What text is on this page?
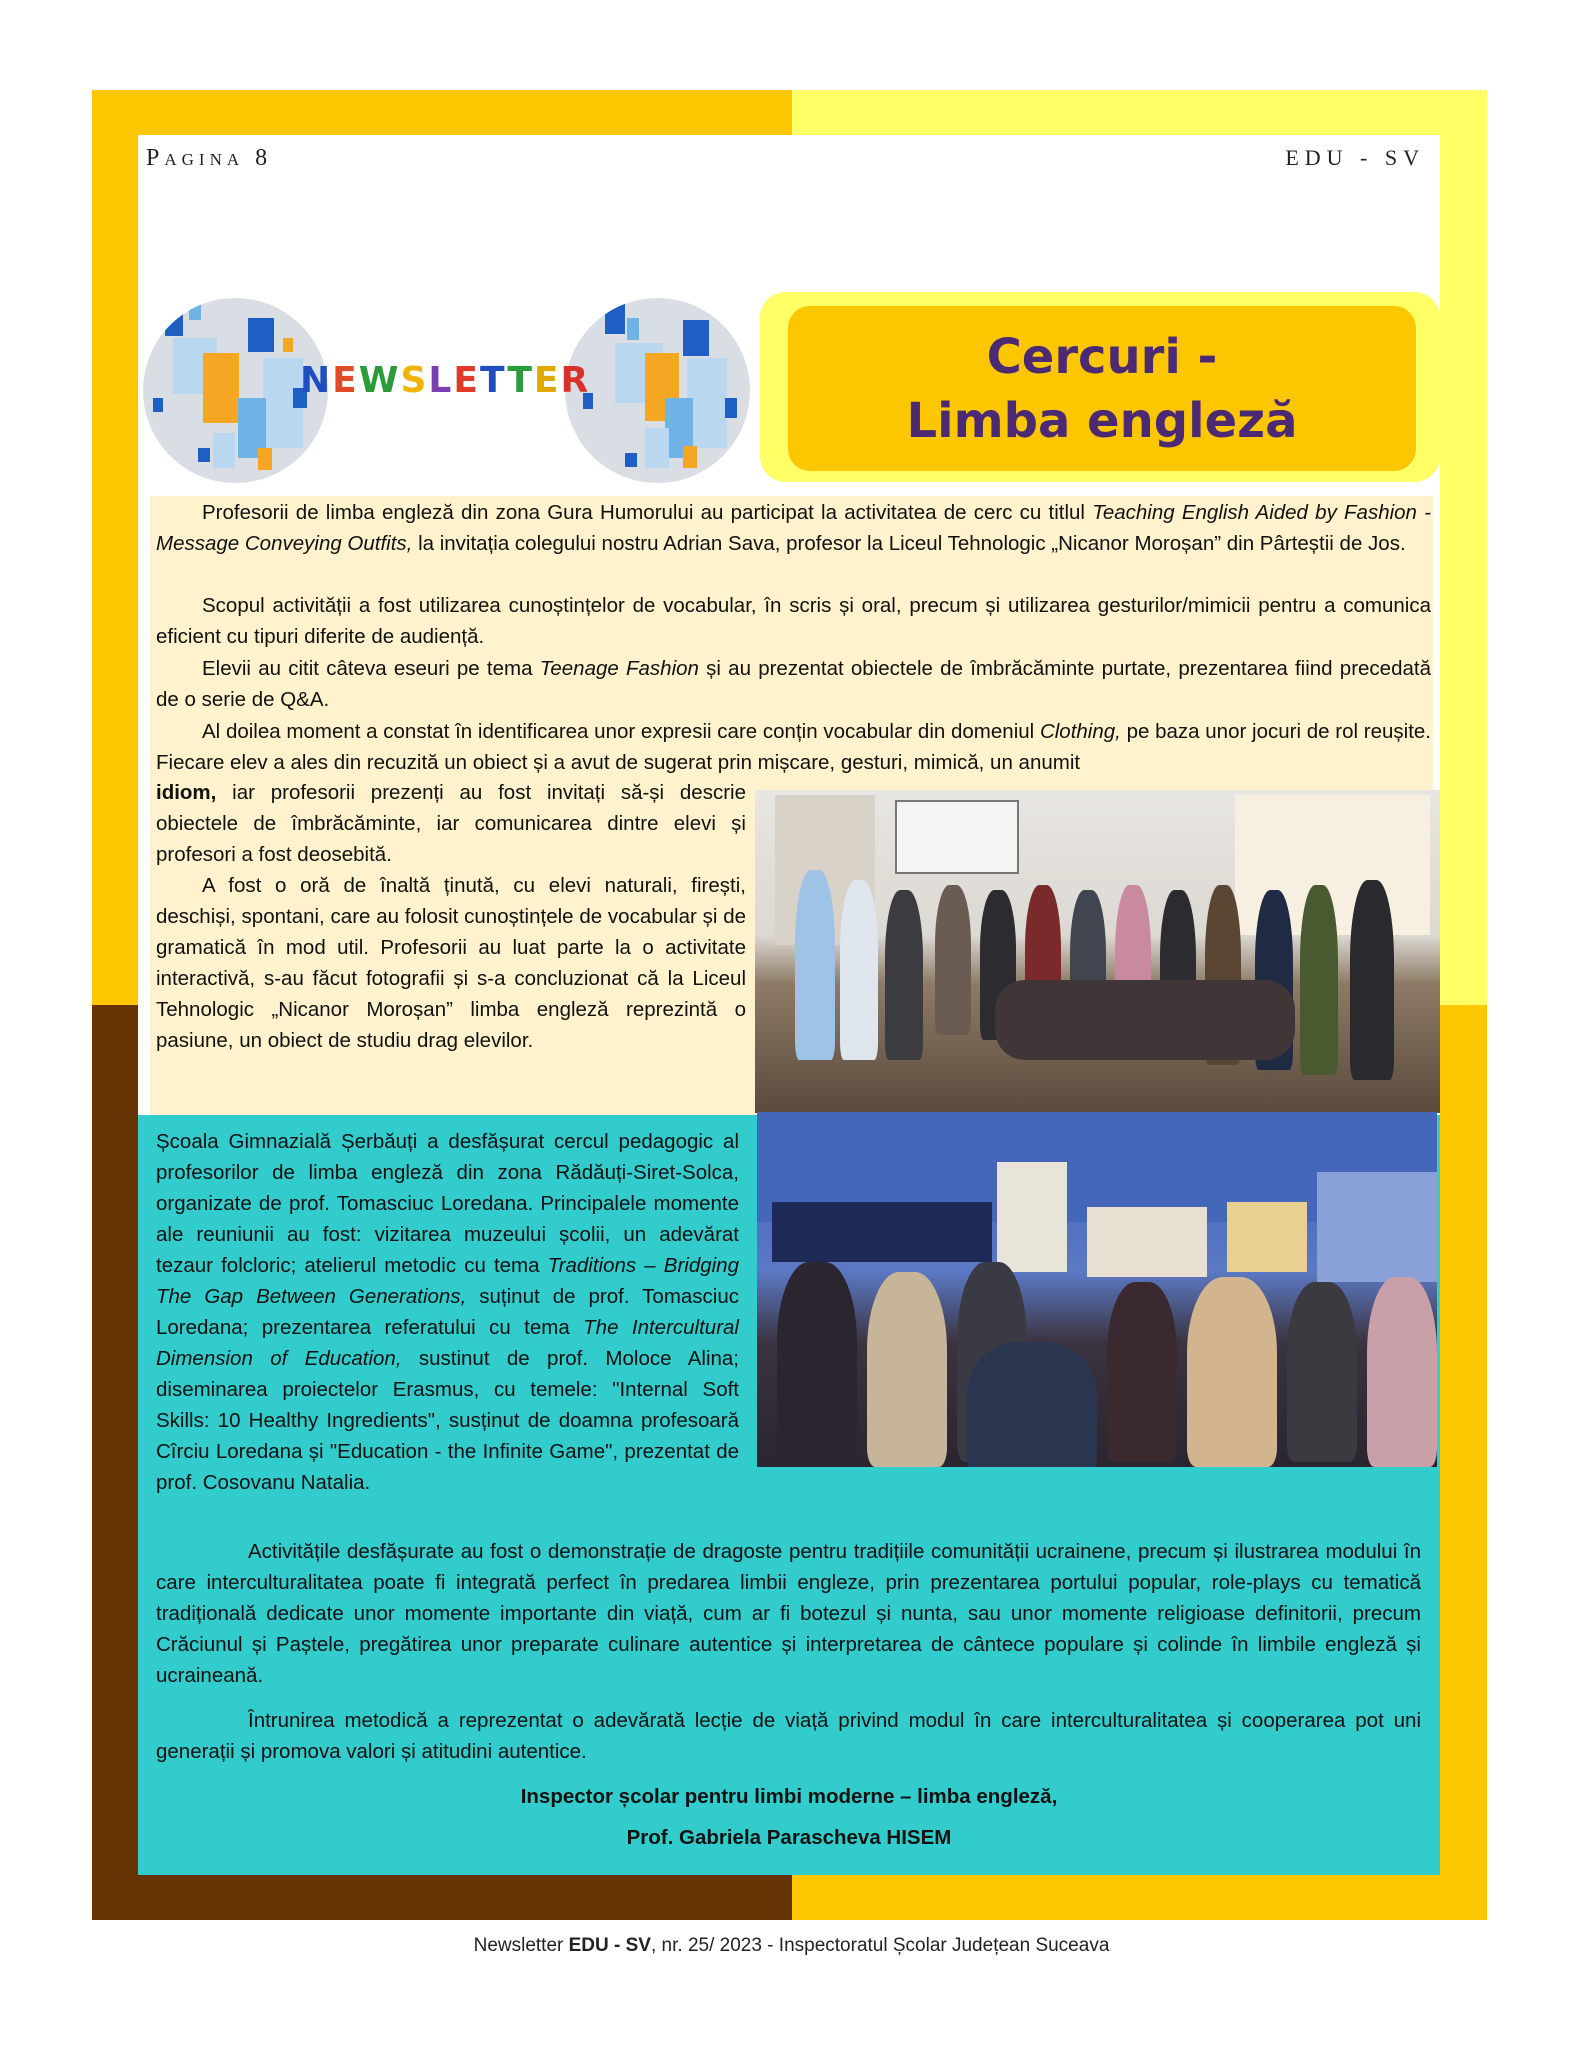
Pagina 8	EDU - SV
NEWSLETTER	Cercuri -
Limba engleză

Profesorii de limba engleză din zona Gura Humorului au participat la activitatea de cerc cu titlul Teaching English Aided by Fashion - Message Conveying Outfits, la invitația colegului nostru Adrian Sava, profesor la Liceul Tehnologic „Nicanor Moroșan” din Pârteștii de Jos.

Scopul activității a fost utilizarea cunoștințelor de vocabular, în scris și oral, precum și utilizarea gesturilor/mimicii pentru a comunica eficient cu tipuri diferite de audiență.

Elevii au citit câteva eseuri pe tema Teenage Fashion și au prezentat obiectele de îmbrăcăminte purtate, prezentarea fiind precedată de o serie de Q&A.

Al doilea moment a constat în identificarea unor expresii care conțin vocabular din domeniul Clothing, pe baza unor jocuri de rol reușite. Fiecare elev a ales din recuzită un obiect și a avut de sugerat prin mișcare, gesturi, mimică, un anumit

idiom, iar profesorii prezenți au fost invitați să-și descrie obiectele de îmbrăcăminte, iar comunicarea dintre elevi și profesori a fost deosebită.

A fost o oră de înaltă ținută, cu elevi naturali, firești, deschiși, spontani, care au folosit cunoștințele de vocabular și de gramatică în mod util. Profesorii au luat parte la o activitate interactivă, s-au făcut fotografii și s-a concluzionat că la Liceul Tehnologic „Nicanor Moroșan” limba engleză reprezintă o pasiune, un obiect de studiu drag elevilor.

Școala Gimnazială Șerbăuți a desfășurat cercul pedagogic al profesorilor de limba engleză din zona Rădăuți-Siret-Solca, organizate de prof. Tomasciuc Loredana. Principalele momente ale reuniunii au fost: vizitarea muzeului școlii, un adevărat tezaur folcloric; atelierul metodic cu tema Traditions – Bridging The Gap Between Generations, suținut de prof. Tomasciuc Loredana; prezentarea referatului cu tema The Intercultural Dimension of Education, sustinut de prof. Moloce Alina; diseminarea proiectelor Erasmus, cu temele: "Internal Soft Skills: 10 Healthy Ingredients", susținut de doamna profesoară Cîrciu Loredana și "Education - the Infinite Game", prezentat de prof. Cosovanu Natalia.

Activitățile desfășurate au fost o demonstrație de dragoste pentru tradițiile comunității ucrainene, precum și ilustrarea modului în care interculturalitatea poate fi integrată perfect în predarea limbii engleze, prin prezentarea portului popular, role-plays cu tematică tradițională dedicate unor momente importante din viață, cum ar fi botezul și nunta, sau unor momente religioase definitorii, precum Crăciunul și Paștele, pregătirea unor preparate culinare autentice și interpretarea de cântece populare și colinde în limbile engleză și ucraineană.

Întrunirea metodică a reprezentat o adevărată lecție de viață privind modul în care interculturalitatea și cooperarea pot uni generații și promova valori și atitudini autentice.

Inspector școlar pentru limbi moderne – limba engleză,
Prof. Gabriela Parascheva HISEM
Newsletter EDU - SV, nr. 25/ 2023 - Inspectoratul Școlar Județean Suceava
